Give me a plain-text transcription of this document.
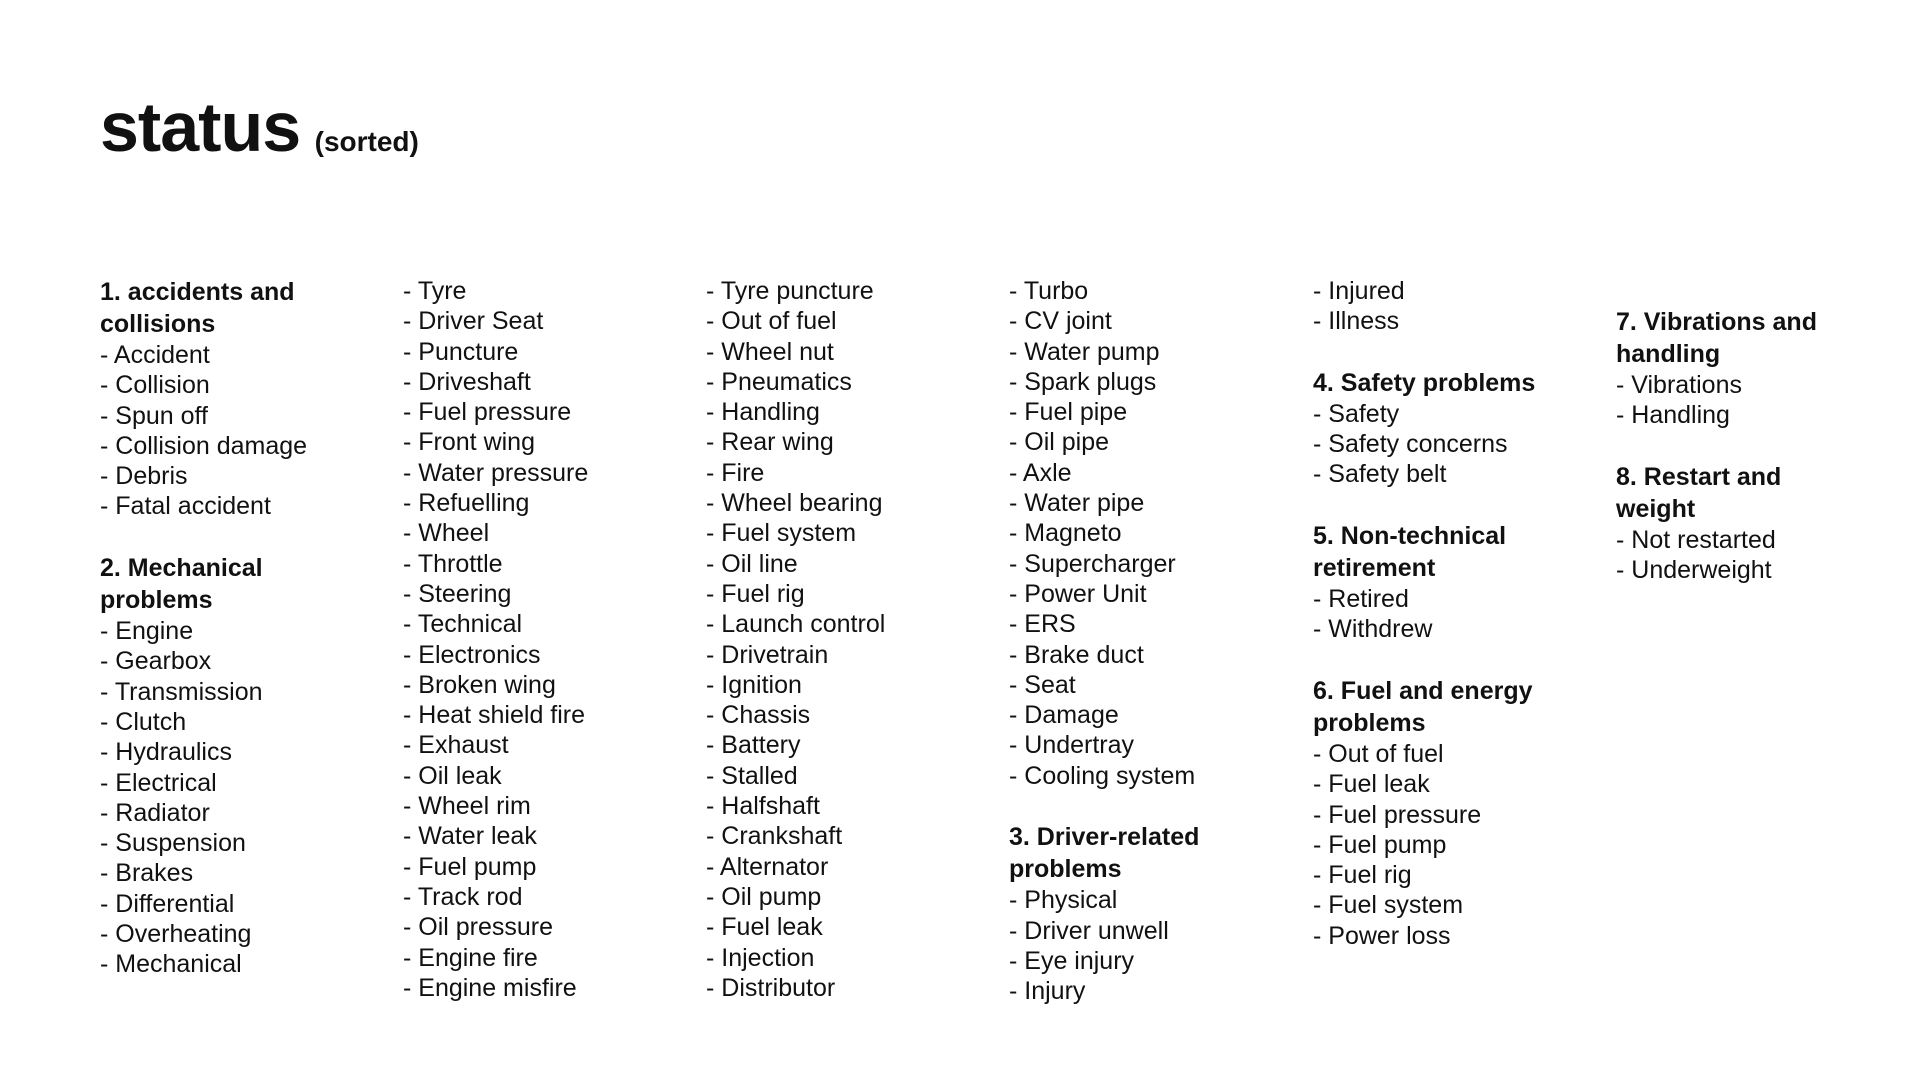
status (sorted)
1. accidents and collisions
- Accident
- Collision
- Spun off
- Collision damage
- Debris
- Fatal accident
2. Mechanical problems
- Engine
- Gearbox
- Transmission
- Clutch
- Hydraulics
- Electrical
- Radiator
- Suspension
- Brakes
- Differential
- Overheating
- Mechanical
- Tyre
- Driver Seat
- Puncture
- Driveshaft
- Fuel pressure
- Front wing
- Water pressure
- Refuelling
- Wheel
- Throttle
- Steering
- Technical
- Electronics
- Broken wing
- Heat shield fire
- Exhaust
- Oil leak
- Wheel rim
- Water leak
- Fuel pump
- Track rod
- Oil pressure
- Engine fire
- Engine misfire
- Tyre puncture
- Out of fuel
- Wheel nut
- Pneumatics
- Handling
- Rear wing
- Fire
- Wheel bearing
- Fuel system
- Oil line
- Fuel rig
- Launch control
- Drivetrain
- Ignition
- Chassis
- Battery
- Stalled
- Halfshaft
- Crankshaft
- Alternator
- Oil pump
- Fuel leak
- Injection
- Distributor
- Turbo
- CV joint
- Water pump
- Spark plugs
- Fuel pipe
- Oil pipe
- Axle
- Water pipe
- Magneto
- Supercharger
- Power Unit
- ERS
- Brake duct
- Seat
- Damage
- Undertray
- Cooling system
3. Driver-related problems
- Physical
- Driver unwell
- Eye injury
- Injury
- Injured
- Illness
4. Safety problems
- Safety
- Safety concerns
- Safety belt
5. Non-technical retirement
- Retired
- Withdrew
6. Fuel and energy problems
- Out of fuel
- Fuel leak
- Fuel pressure
- Fuel pump
- Fuel rig
- Fuel system
- Power loss
7. Vibrations and handling
- Vibrations
- Handling
8. Restart and weight
- Not restarted
- Underweight
